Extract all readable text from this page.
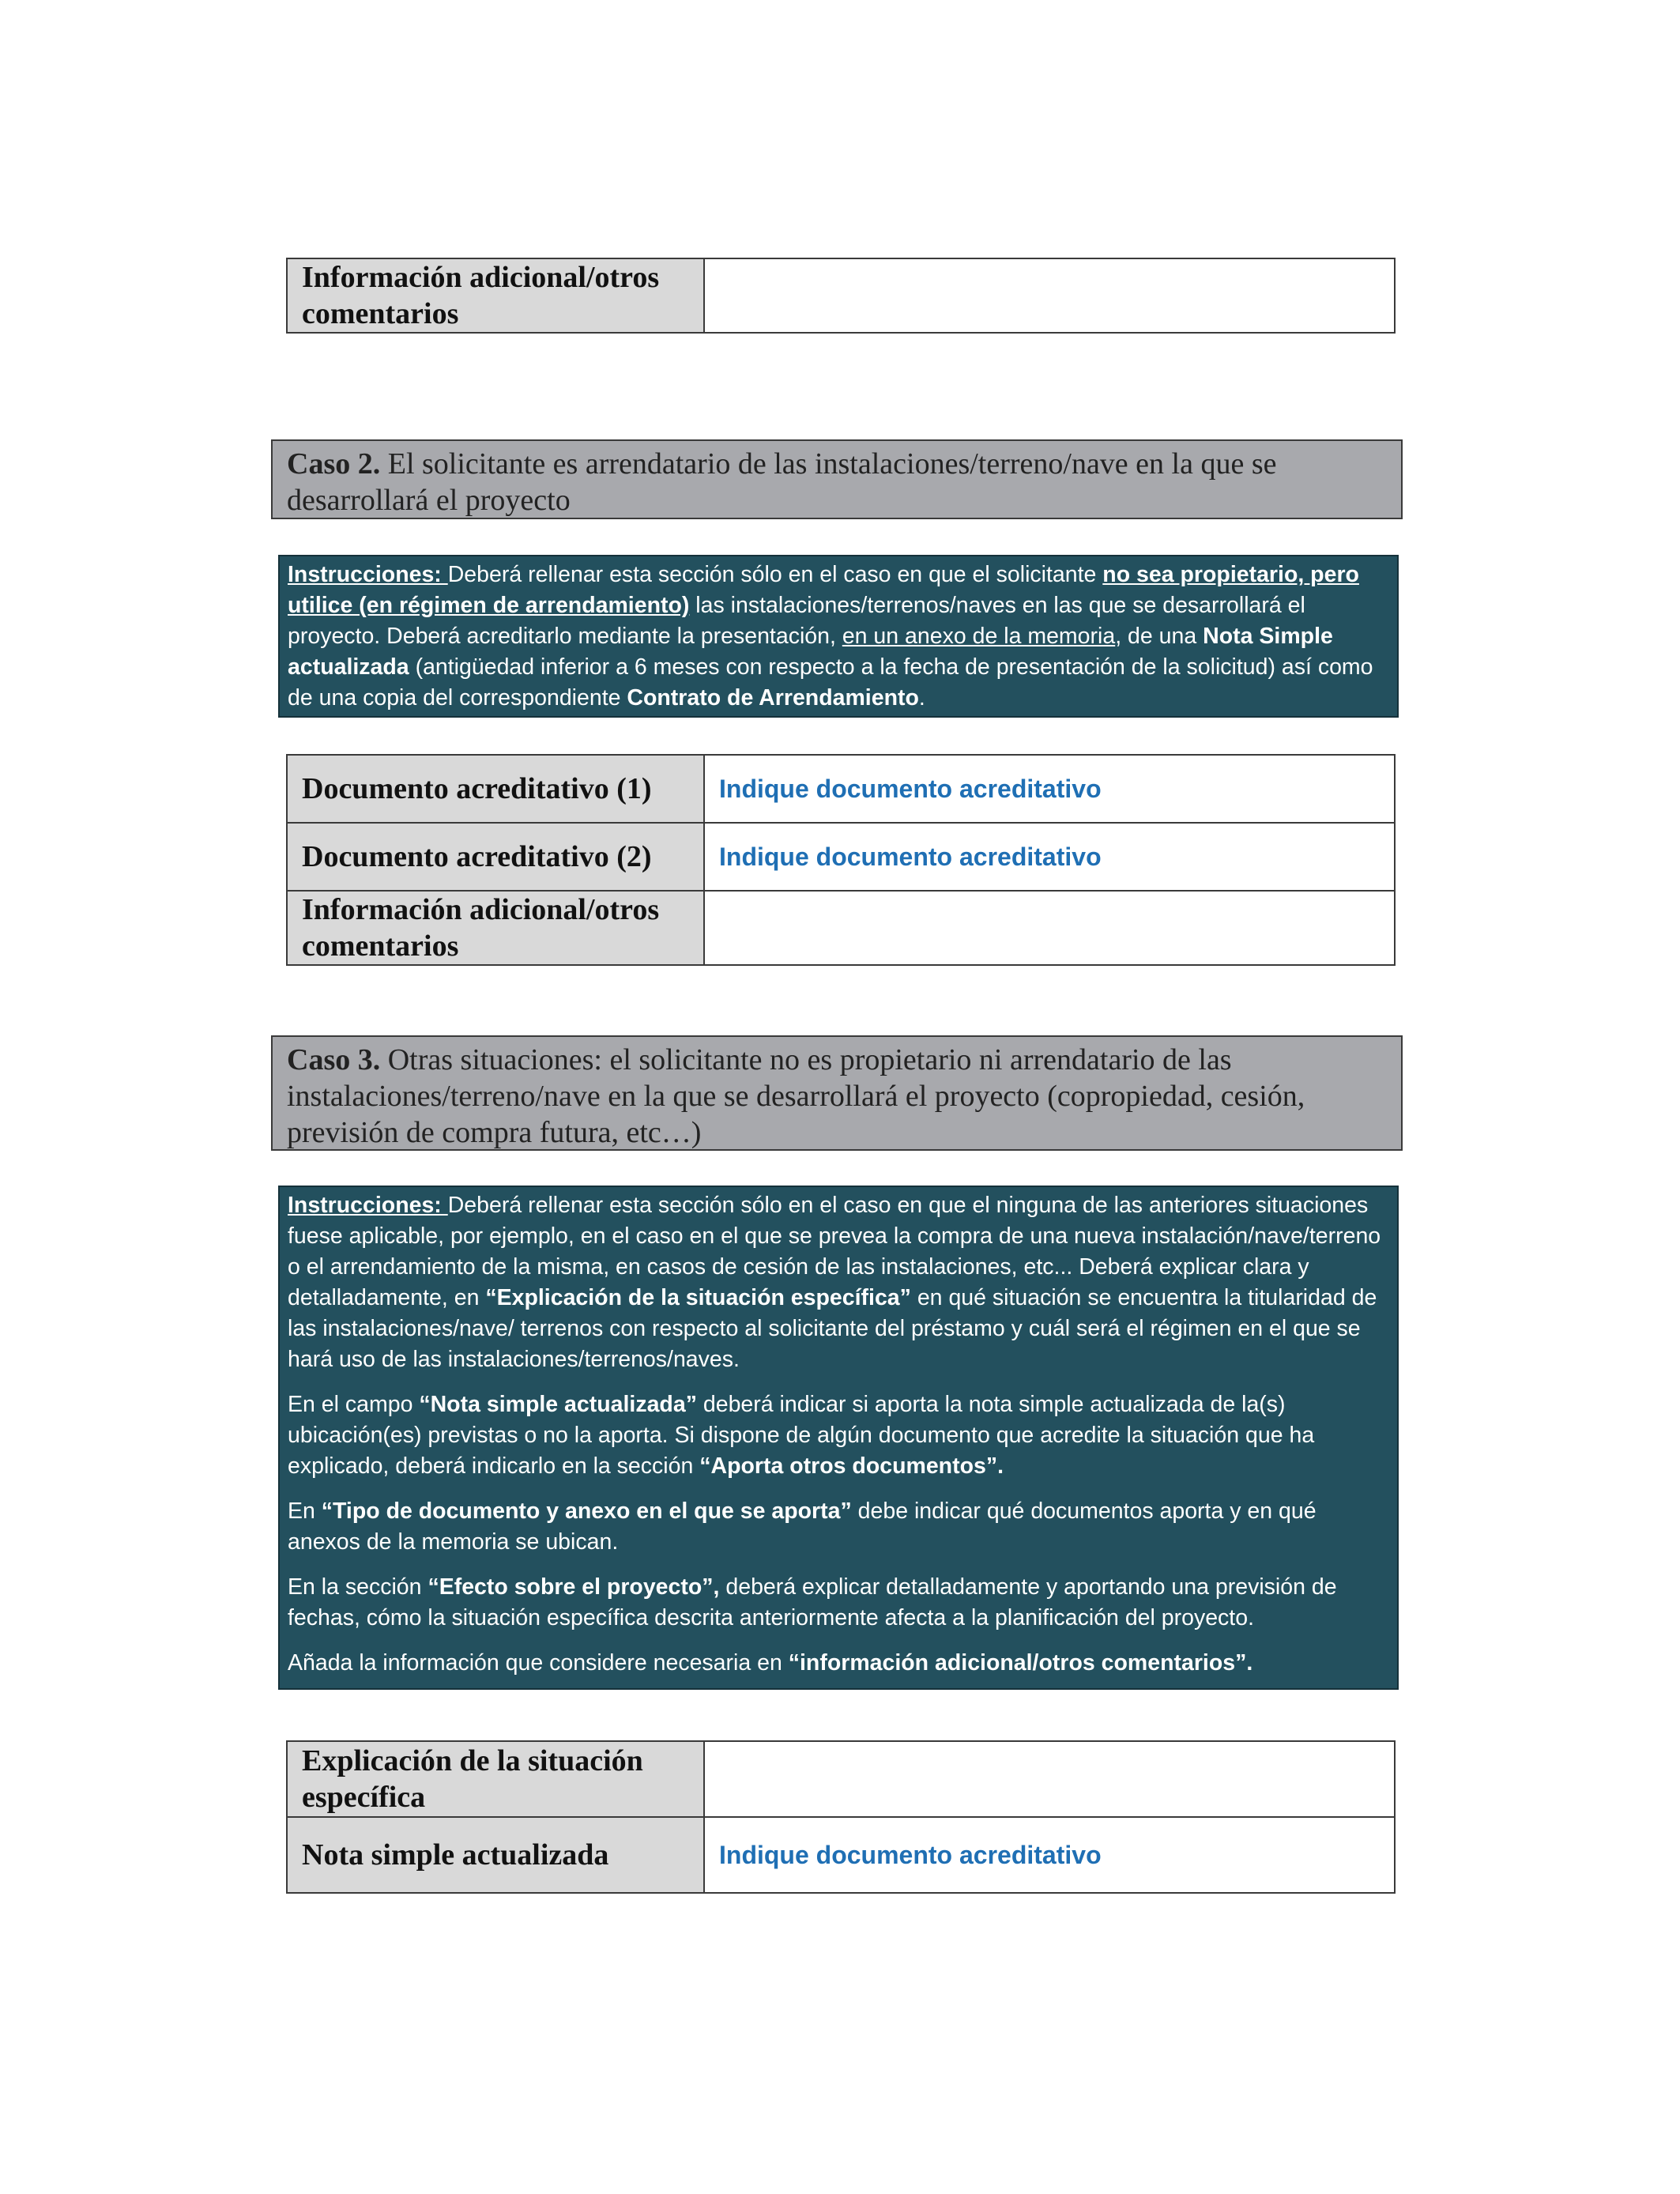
Información adicional/otros comentarios	
Caso 2. El solicitante es arrendatario de las instalaciones/terreno/nave en la que se desarrollará el proyecto

Instrucciones: Deberá rellenar esta sección sólo en el caso en que el solicitante no sea propietario, pero utilice (en régimen de arrendamiento) las instalaciones/terrenos/naves en las que se desarrollará el proyecto. Deberá acreditarlo mediante la presentación, en un anexo de la memoria, de una Nota Simple actualizada (antigüedad inferior a 6 meses con respecto a la fecha de presentación de la solicitud) así como de una copia del correspondiente Contrato de Arrendamiento.

Documento acreditativo (1)	Indique documento acreditativo
Documento acreditativo (2)	Indique documento acreditativo
Información adicional/otros comentarios	
Caso 3. Otras situaciones: el solicitante no es propietario ni arrendatario de las instalaciones/terreno/nave en la que se desarrollará el proyecto (copropiedad, cesión, previsión de compra futura, etc…)

Instrucciones: Deberá rellenar esta sección sólo en el caso en que el ninguna de las anteriores situaciones fuese aplicable, por ejemplo, en el caso en el que se prevea la compra de una nueva instalación/nave/terreno o el arrendamiento de la misma, en casos de cesión de las instalaciones, etc... Deberá explicar clara y detalladamente, en “Explicación de la situación específica” en qué situación se encuentra la titularidad de las instalaciones/nave/ terrenos con respecto al solicitante del préstamo y cuál será el régimen en el que se hará uso de las instalaciones/terrenos/naves.

En el campo “Nota simple actualizada” deberá indicar si aporta la nota simple actualizada de la(s) ubicación(es) previstas o no la aporta. Si dispone de algún documento que acredite la situación que ha explicado, deberá indicarlo en la sección “Aporta otros documentos”.

En “Tipo de documento y anexo en el que se aporta” debe indicar qué documentos aporta y en qué anexos de la memoria se ubican.

En la sección “Efecto sobre el proyecto”, deberá explicar detalladamente y aportando una previsión de fechas, cómo la situación específica descrita anteriormente afecta a la planificación del proyecto.

Añada la información que considere necesaria en “información adicional/otros comentarios”.

Explicación de la situación específica	
Nota simple actualizada	Indique documento acreditativo
